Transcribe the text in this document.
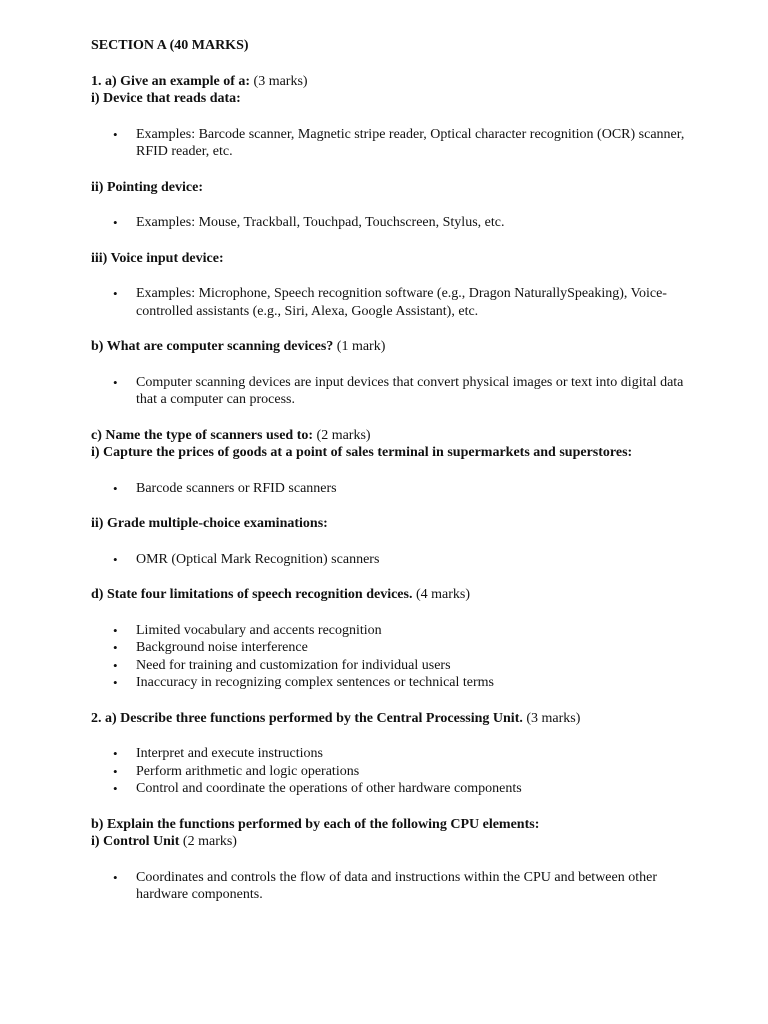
SECTION A (40 MARKS)

1. a) Give an example of a: (3 marks)

i) Device that reads data:

• Examples: Barcode scanner, Magnetic stripe reader, Optical character recognition (OCR) scanner, RFID reader, etc.

ii) Pointing device:

• Examples: Mouse, Trackball, Touchpad, Touchscreen, Stylus, etc.

iii) Voice input device:

• Examples: Microphone, Speech recognition software (e.g., Dragon NaturallySpeaking), Voice-controlled assistants (e.g., Siri, Alexa, Google Assistant), etc.

b) What are computer scanning devices? (1 mark)

• Computer scanning devices are input devices that convert physical images or text into digital data that a computer can process.

c) Name the type of scanners used to: (2 marks)

i) Capture the prices of goods at a point of sales terminal in supermarkets and superstores:

• Barcode scanners or RFID scanners

ii) Grade multiple-choice examinations:

• OMR (Optical Mark Recognition) scanners

d) State four limitations of speech recognition devices. (4 marks)

• Limited vocabulary and accents recognition
• Background noise interference
• Need for training and customization for individual users
• Inaccuracy in recognizing complex sentences or technical terms

2. a) Describe three functions performed by the Central Processing Unit. (3 marks)

• Interpret and execute instructions
• Perform arithmetic and logic operations
• Control and coordinate the operations of other hardware components

b) Explain the functions performed by each of the following CPU elements:

i) Control Unit (2 marks)

• Coordinates and controls the flow of data and instructions within the CPU and between other hardware components.
